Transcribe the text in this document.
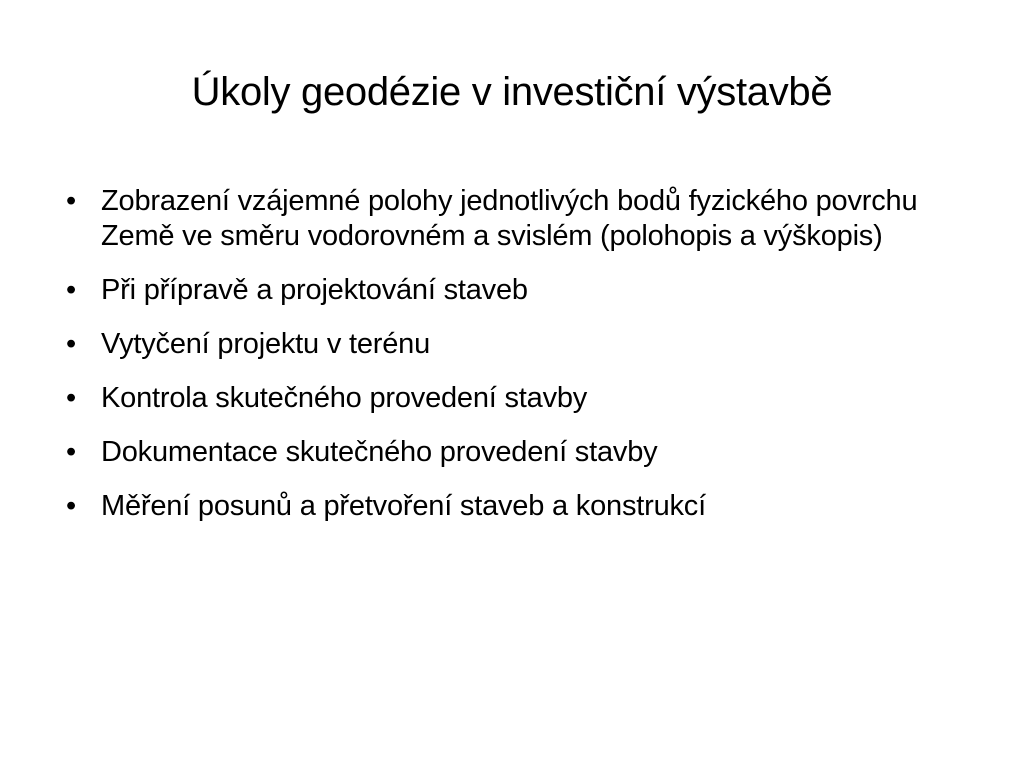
Úkoly geodézie v investiční výstavbě
• Zobrazení vzájemné polohy jednotlivých bodů fyzického povrchu Země ve směru vodorovném a svislém (polohopis a výškopis)
• Při přípravě a projektování staveb
• Vytyčení projektu v terénu
• Kontrola skutečného provedení stavby
• Dokumentace skutečného provedení stavby
• Měření posunů a přetvoření staveb a konstrukcí
